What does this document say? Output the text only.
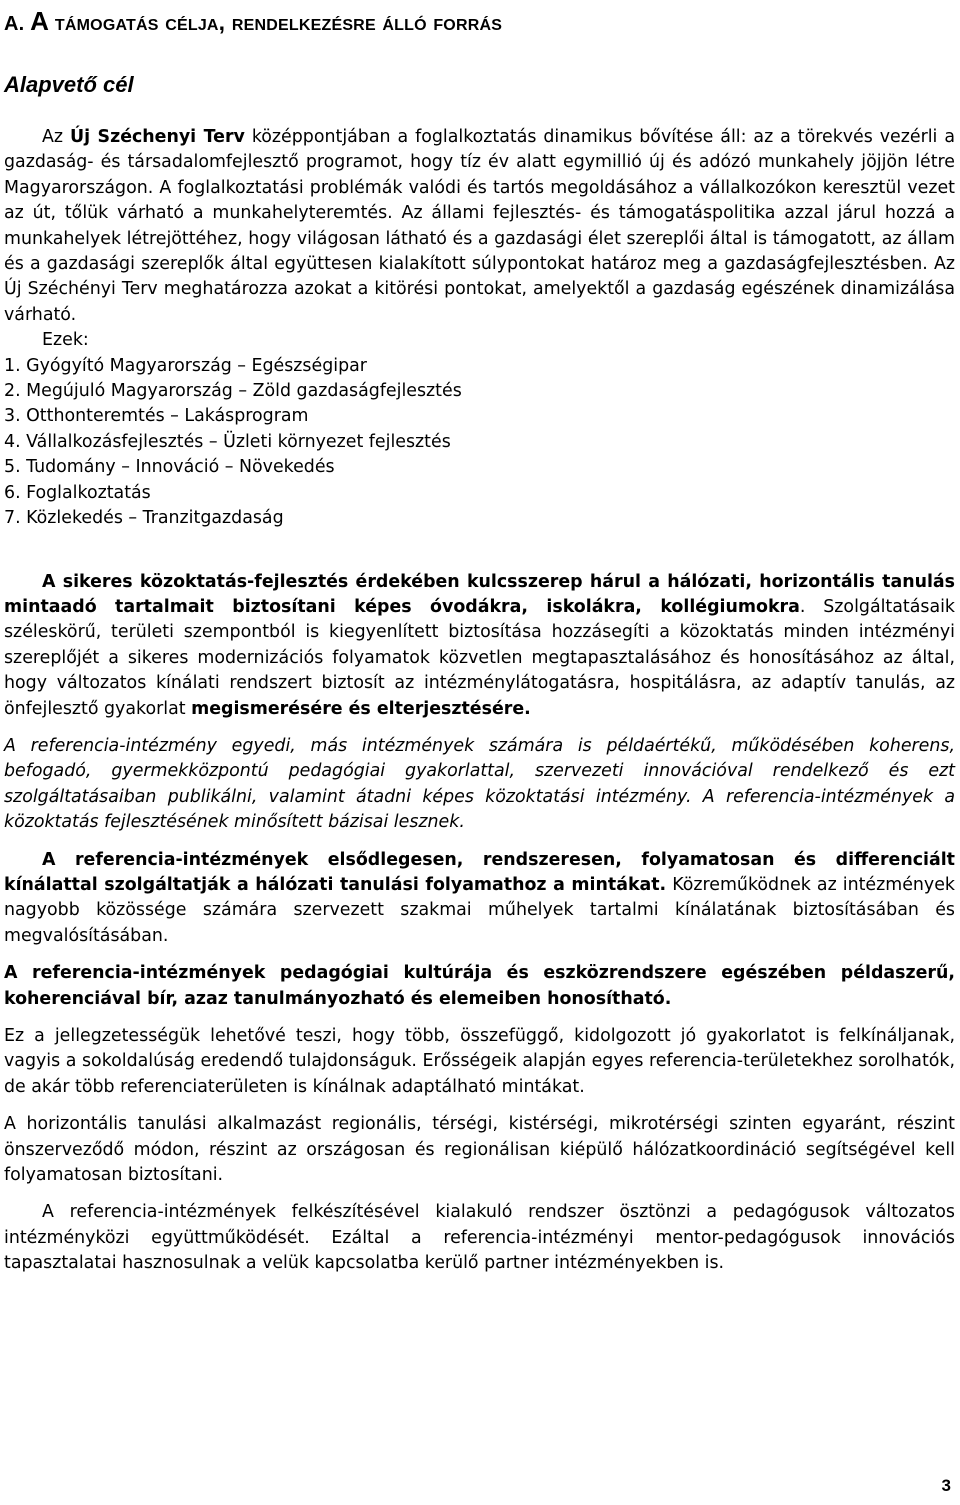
A. A támogatás célja, rendelkezésre álló forrás
Alapvető cél

Az Új Széchenyi Terv középpontjában a foglalkoztatás dinamikus bővítése áll: az a törekvés vezérli a gazdaság- és társadalomfejlesztő programot, hogy tíz év alatt egymillió új és adózó munkahely jöjjön létre Magyarországon. A foglalkoztatási problémák valódi és tartós megoldásához a vállalkozókon keresztül vezet az út, tőlük várható a munkahelyteremtés. Az állami fejlesztés- és támogatáspolitika azzal járul hozzá a munkahelyek létrejöttéhez, hogy világosan látható és a gazdasági élet szereplői által is támogatott, az állam és a gazdasági szereplők által együttesen kialakított súlypontokat határoz meg a gazdaságfejlesztésben. Az Új Széchényi Terv meghatározza azokat a kitörési pontokat, amelyektől a gazdaság egészének dinamizálása várható.

Ezek:

1. Gyógyító Magyarország – Egészségipar
2. Megújuló Magyarország – Zöld gazdaságfejlesztés
3. Otthonteremtés – Lakásprogram
4. Vállalkozásfejlesztés – Üzleti környezet fejlesztés
5. Tudomány – Innováció – Növekedés
6. Foglalkoztatás
7. Közlekedés – Tranzitgazdaság

A sikeres közoktatás-fejlesztés érdekében kulcsszerep hárul a hálózati, horizontális tanulás mintaadó tartalmait biztosítani képes óvodákra, iskolákra, kollégiumokra. Szolgáltatásaik széleskörű, területi szempontból is kiegyenlített biztosítása hozzásegíti a közoktatás minden intézményi szereplőjét a sikeres modernizációs folyamatok közvetlen megtapasztalásához és honosításához az által, hogy változatos kínálati rendszert biztosít az intézménylátogatásra, hospitálásra, az adaptív tanulás, az önfejlesztő gyakorlat megismerésére és elterjesztésére.

A referencia-intézmény egyedi, más intézmények számára is példaértékű, működésében koherens, befogadó, gyermekközpontú pedagógiai gyakorlattal, szervezeti innovációval rendelkező és ezt szolgáltatásaiban publikálni, valamint átadni képes közoktatási intézmény. A referencia-intézmények a közoktatás fejlesztésének minősített bázisai lesznek.

A referencia-intézmények elsődlegesen, rendszeresen, folyamatosan és differenciált kínálattal szolgáltatják a hálózati tanulási folyamathoz a mintákat. Közreműködnek az intézmények nagyobb közössége számára szervezett szakmai műhelyek tartalmi kínálatának biztosításában és megvalósításában.

A referencia-intézmények pedagógiai kultúrája és eszközrendszere egészében példaszerű, koherenciával bír, azaz tanulmányozható és elemeiben honosítható.

Ez a jellegzetességük lehetővé teszi, hogy több, összefüggő, kidolgozott jó gyakorlatot is felkínáljanak, vagyis a sokoldalúság eredendő tulajdonságuk. Erősségeik alapján egyes referencia-területekhez sorolhatók, de akár több referenciaterületen is kínálnak adaptálható mintákat.

A horizontális tanulási alkalmazást regionális, térségi, kistérségi, mikrotérségi szinten egyaránt, részint önszerveződő módon, részint az országosan és regionálisan kiépülő hálózatkoordináció segítségével kell folyamatosan biztosítani.

A referencia-intézmények felkészítésével kialakuló rendszer ösztönzi a pedagógusok változatos intézményközi együttműködését. Ezáltal a referencia-intézményi mentor-pedagógusok innovációs tapasztalatai hasznosulnak a velük kapcsolatba kerülő partner intézményekben is.

3
